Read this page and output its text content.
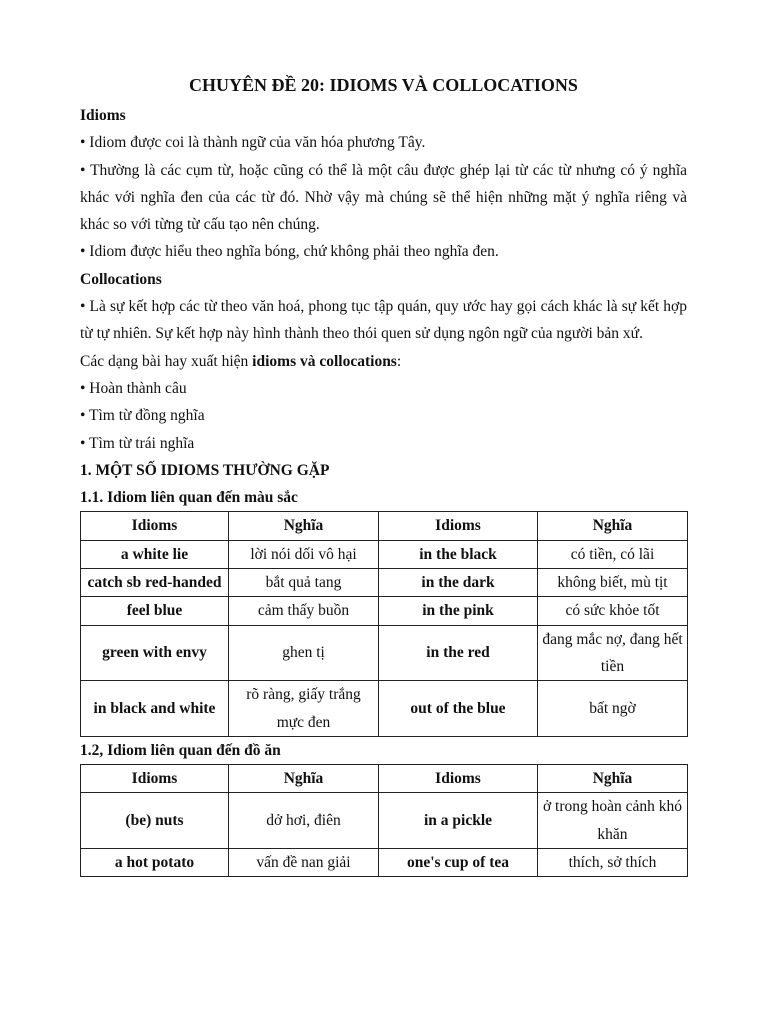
CHUYÊN ĐỀ 20: IDIOMS VÀ COLLOCATIONS

Idioms

• Idiom được coi là thành ngữ của văn hóa phương Tây.

• Thường là các cụm từ, hoặc cũng có thể là một câu được ghép lại từ các từ nhưng có ý nghĩa khác với nghĩa đen của các từ đó. Nhờ vậy mà chúng sẽ thể hiện những mặt ý nghĩa riêng và khác so với từng từ cấu tạo nên chúng.

• Idiom được hiểu theo nghĩa bóng, chứ không phải theo nghĩa đen.

Collocations

• Là sự kết hợp các từ theo văn hoá, phong tục tập quán, quy ước hay gọi cách khác là sự kết hợp từ tự nhiên. Sự kết hợp này hình thành theo thói quen sử dụng ngôn ngữ của người bản xứ.

Các dạng bài hay xuất hiện idioms và collocations:

• Hoàn thành câu

• Tìm từ đồng nghĩa

• Tìm từ trái nghĩa

1. MỘT SỐ IDIOMS THƯỜNG GẶP

1.1. Idiom liên quan đến màu sắc

Idioms	Nghĩa	Idioms	Nghĩa
a white lie	lời nói dối vô hại	in the black	có tiền, có lãi
catch sb red-handed	bắt quả tang	in the dark	không biết, mù tịt
feel blue	cảm thấy buồn	in the pink	có sức khỏe tốt
green with envy	ghen tị	in the red	đang mắc nợ, đang hết tiền
in black and white	rõ ràng, giấy trắng mực đen	out of the blue	bất ngờ

1.2, Idiom liên quan đến đồ ăn

Idioms	Nghĩa	Idioms	Nghĩa
(be) nuts	dở hơi, điên	in a pickle	ở trong hoàn cảnh khó khăn
a hot potato	vấn đề nan giải	one's cup of tea	thích, sở thích
